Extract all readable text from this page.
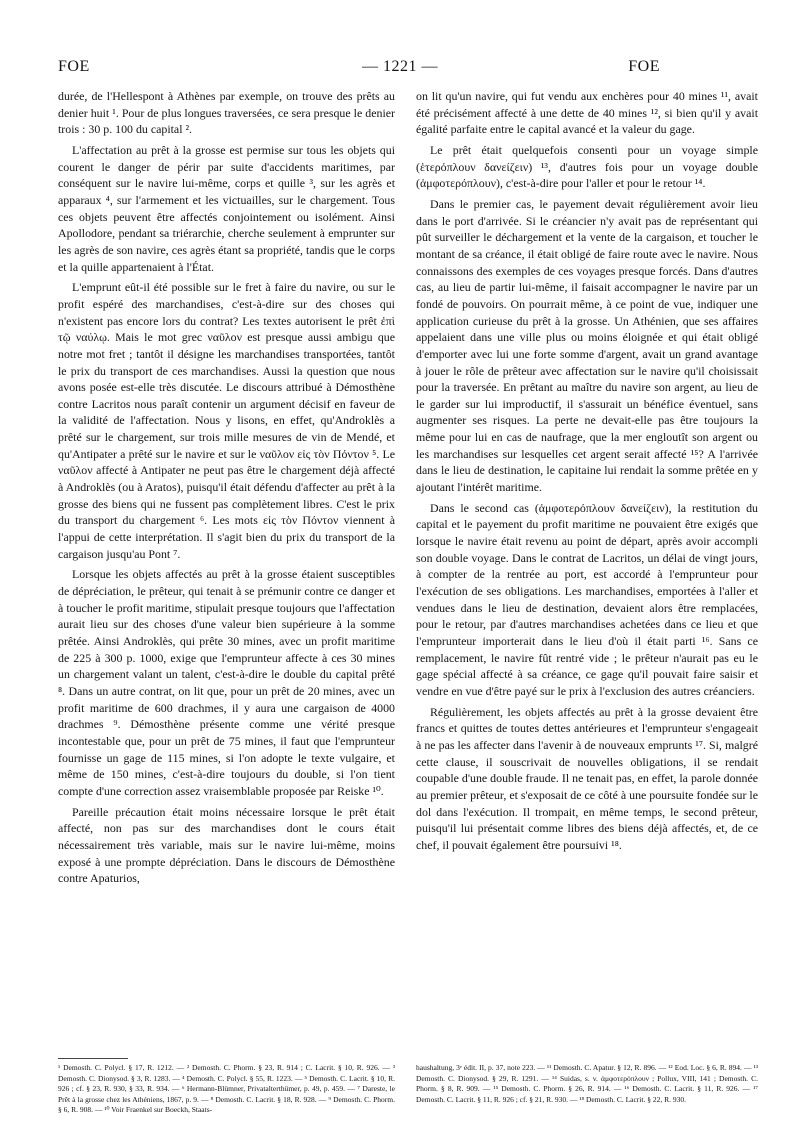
FOE	— 1221 —	FOE

durée, de l'Hellespont à Athènes par exemple, on trouve des prêts au denier huit ¹. Pour de plus longues traversées, ce sera presque le denier trois : 30 p. 100 du capital ².

L'affectation au prêt à la grosse est permise sur tous les objets qui courent le danger de périr par suite d'accidents maritimes, par conséquent sur le navire lui-même, corps et quille ³, sur les agrès et apparaux ⁴, sur l'armement et les victuailles, sur le chargement. Tous ces objets peuvent être affectés conjointement ou isolément. Ainsi Apollodore, pendant sa triérarchie, cherche seulement à emprunter sur les agrès de son navire, ces agrès étant sa propriété, tandis que le corps et la quille appartenaient à l'État.

L'emprunt eût-il été possible sur le fret à faire du navire, ou sur le profit espéré des marchandises, c'est-à-dire sur des choses qui n'existent pas encore lors du contrat? Les textes autorisent le prêt ἐπὶ τῷ ναύλῳ. Mais le mot grec ναῦλον est presque aussi ambigu que notre mot fret ; tantôt il désigne les marchandises transportées, tantôt le prix du transport de ces marchandises. Aussi la question que nous avons posée est-elle très discutée. Le discours attribué à Démosthène contre Lacritos nous paraît contenir un argument décisif en faveur de la validité de l'affectation. Nous y lisons, en effet, qu'Androklès a prêté sur le chargement, sur trois mille mesures de vin de Mendé, et qu'Antipater a prêté sur le navire et sur le ναῦλον εἰς τὸν Πόντον ⁵. Le ναῦλον affecté à Antipater ne peut pas être le chargement déjà affecté à Androklès (ou à Aratos), puisqu'il était défendu d'affecter au prêt à la grosse des biens qui ne fussent pas complètement libres. C'est le prix du transport du chargement ⁶. Les mots εἰς τὸν Πόντον viennent à l'appui de cette interprétation. Il s'agit bien du prix du transport de la cargaison jusqu'au Pont ⁷.

Lorsque les objets affectés au prêt à la grosse étaient susceptibles de dépréciation, le prêteur, qui tenait à se prémunir contre ce danger et à toucher le profit maritime, stipulait presque toujours que l'affectation aurait lieu sur des choses d'une valeur bien supérieure à la somme prêtée. Ainsi Androklès, qui prête 30 mines, avec un profit maritime de 225 à 300 p. 1000, exige que l'emprunteur affecte à ces 30 mines un chargement valant un talent, c'est-à-dire le double du capital prêté ⁸. Dans un autre contrat, on lit que, pour un prêt de 20 mines, avec un profit maritime de 600 drachmes, il y aura une cargaison de 4000 drachmes ⁹. Démosthène présente comme une vérité presque incontestable que, pour un prêt de 75 mines, il faut que l'emprunteur fournisse un gage de 115 mines, si l'on adopte le texte vulgaire, et même de 150 mines, c'est-à-dire toujours du double, si l'on tient compte d'une correction assez vraisemblable proposée par Reiske ¹⁰.

Pareille précaution était moins nécessaire lorsque le prêt était affecté, non pas sur des marchandises dont le cours était nécessairement très variable, mais sur le navire lui-même, moins exposé à une prompte dépréciation. Dans le discours de Démosthène contre Apaturios,

on lit qu'un navire, qui fut vendu aux enchères pour 40 mines ¹¹, avait été précisément affecté à une dette de 40 mines ¹², si bien qu'il y avait égalité parfaite entre le capital avancé et la valeur du gage.

Le prêt était quelquefois consenti pour un voyage simple (ἑτερόπλουν δανείζειν) ¹³, d'autres fois pour un voyage double (ἀμφοτερόπλουν), c'est-à-dire pour l'aller et pour le retour ¹⁴.

Dans le premier cas, le payement devait régulièrement avoir lieu dans le port d'arrivée. Si le créancier n'y avait pas de représentant qui pût surveiller le déchargement et la vente de la cargaison, et toucher le montant de sa créance, il était obligé de faire route avec le navire. Nous connaissons des exemples de ces voyages presque forcés. Dans d'autres cas, au lieu de partir lui-même, il faisait accompagner le navire par un fondé de pouvoirs. On pourrait même, à ce point de vue, indiquer une application curieuse du prêt à la grosse. Un Athénien, que ses affaires appelaient dans une ville plus ou moins éloignée et qui était obligé d'emporter avec lui une forte somme d'argent, avait un grand avantage à jouer le rôle de prêteur avec affectation sur le navire qu'il choisissait pour la traversée. En prêtant au maître du navire son argent, au lieu de le garder sur lui improductif, il s'assurait un bénéfice éventuel, sans augmenter ses risques. La perte ne devait-elle pas être toujours la même pour lui en cas de naufrage, que la mer engloutît son argent ou les marchandises sur lesquelles cet argent serait affecté ¹⁵? A l'arrivée dans le lieu de destination, le capitaine lui rendait la somme prêtée en y ajoutant l'intérêt maritime.

Dans le second cas (ἀμφοτερόπλουν δανείζειν), la restitution du capital et le payement du profit maritime ne pouvaient être exigés que lorsque le navire était revenu au point de départ, après avoir accompli son double voyage. Dans le contrat de Lacritos, un délai de vingt jours, à compter de la rentrée au port, est accordé à l'emprunteur pour l'exécution de ses obligations. Les marchandises, emportées à l'aller et vendues dans le lieu de destination, devaient alors être remplacées, pour le retour, par d'autres marchandises achetées dans ce lieu et que l'emprunteur importerait dans le lieu d'où il était parti ¹⁶. Sans ce remplacement, le navire fût rentré vide ; le prêteur n'aurait pas eu le gage spécial affecté à sa créance, ce gage qu'il pouvait faire saisir et vendre en vue d'être payé sur le prix à l'exclusion des autres créanciers.

Régulièrement, les objets affectés au prêt à la grosse devaient être francs et quittes de toutes dettes antérieures et l'emprunteur s'engageait à ne pas les affecter dans l'avenir à de nouveaux emprunts ¹⁷. Si, malgré cette clause, il souscrivait de nouvelles obligations, il se rendait coupable d'une double fraude. Il ne tenait pas, en effet, la parole donnée au premier prêteur, et s'exposait de ce côté à une poursuite fondée sur le dol dans l'exécution. Il trompait, en même temps, le second prêteur, puisqu'il lui présentait comme libres des biens déjà affectés, et, de ce chef, il pouvait également être poursuivi ¹⁸.

¹ Demosth. C. Polycl. § 17, R. 1212. — ² Demosth. C. Phorm. § 23, R. 914 ; C. Lacrit. § 10, R. 926. — ³ Demosth. C. Dionysod. § 3, R. 1283. — ⁴ Demosth. C. Polycl. § 55, R. 1223. — ⁵ Demosth. C. Lacrit. § 10, R. 926 ; cf. § 23, R. 930, § 33, R. 934. — ⁶ Hermann-Blümner, Privatalterthümer, p. 49, p. 459. — ⁷ Dareste, le Prêt à la grosse chez les Athéniens, 1867, p. 9. — ⁸ Demosth. C. Lacrit. § 18, R. 928. — ⁹ Demosth. C. Phorm. § 6, R. 908. — ¹⁰ Voir Fraenkel sur Boeckh, Staats-
haushaltung, 3ᵉ édit. II, p. 37, note 223. — ¹¹ Demosth. C. Apatur. § 12, R. 896. — ¹² Eod. Loc. § 6, R. 894. — ¹³ Demosth. C. Dionysod. § 29, R. 1291. — ¹⁴ Suidas, s. v. ἀμφοτερόπλουν ; Pollux, VIII, 141 ; Demosth. C. Phorm. § 8, R. 909. — ¹⁵ Demosth. C. Phorm. § 26, R. 914. — ¹⁶ Demosth. C. Lacrit. § 11, R. 926. — ¹⁷ Demosth. C. Lacrit. § 11, R. 926 ; cf. § 21, R. 930. — ¹⁸ Demosth. C. Lacrit. § 22, R. 930.
